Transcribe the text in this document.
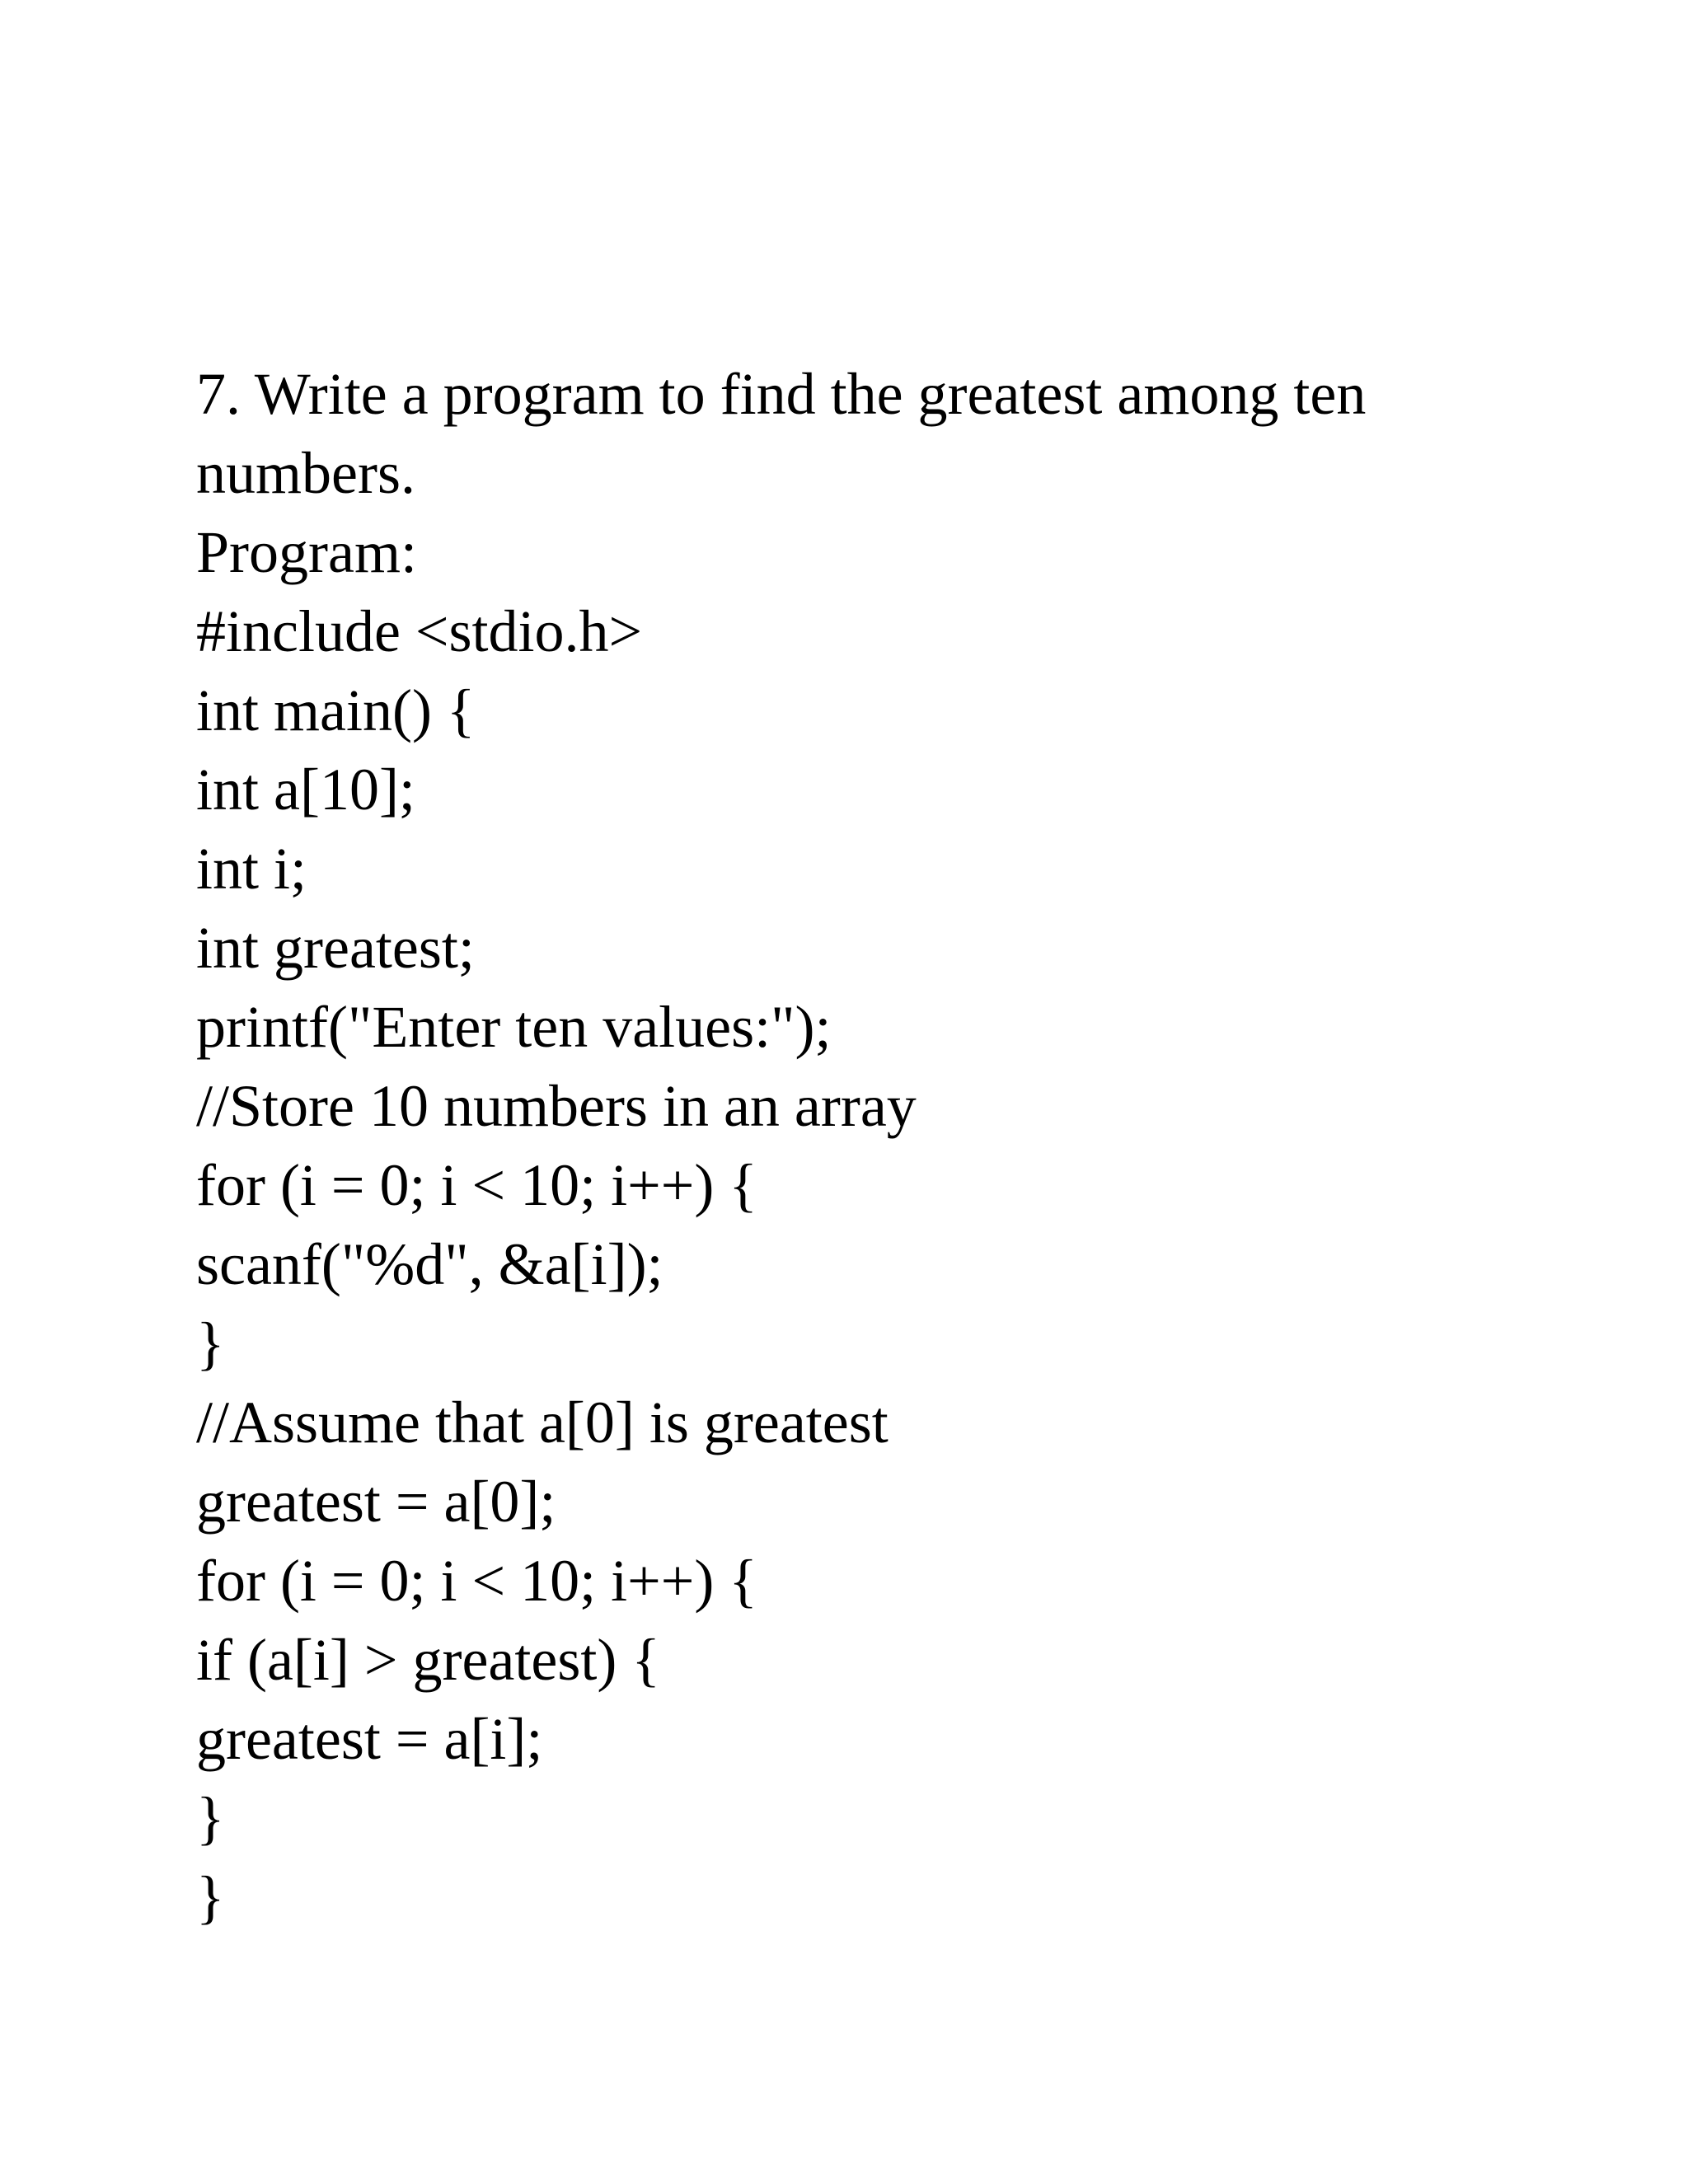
7. Write a program to find the greatest among ten
numbers.
Program:
#include <stdio.h>
int main() {
int a[10];
int i;
int greatest;
printf("Enter ten values:");
//Store 10 numbers in an array
for (i = 0; i < 10; i++) {
scanf("%d", &a[i]);
}
//Assume that a[0] is greatest
greatest = a[0];
for (i = 0; i < 10; i++) {
if (a[i] > greatest) {
greatest = a[i];
}
}
